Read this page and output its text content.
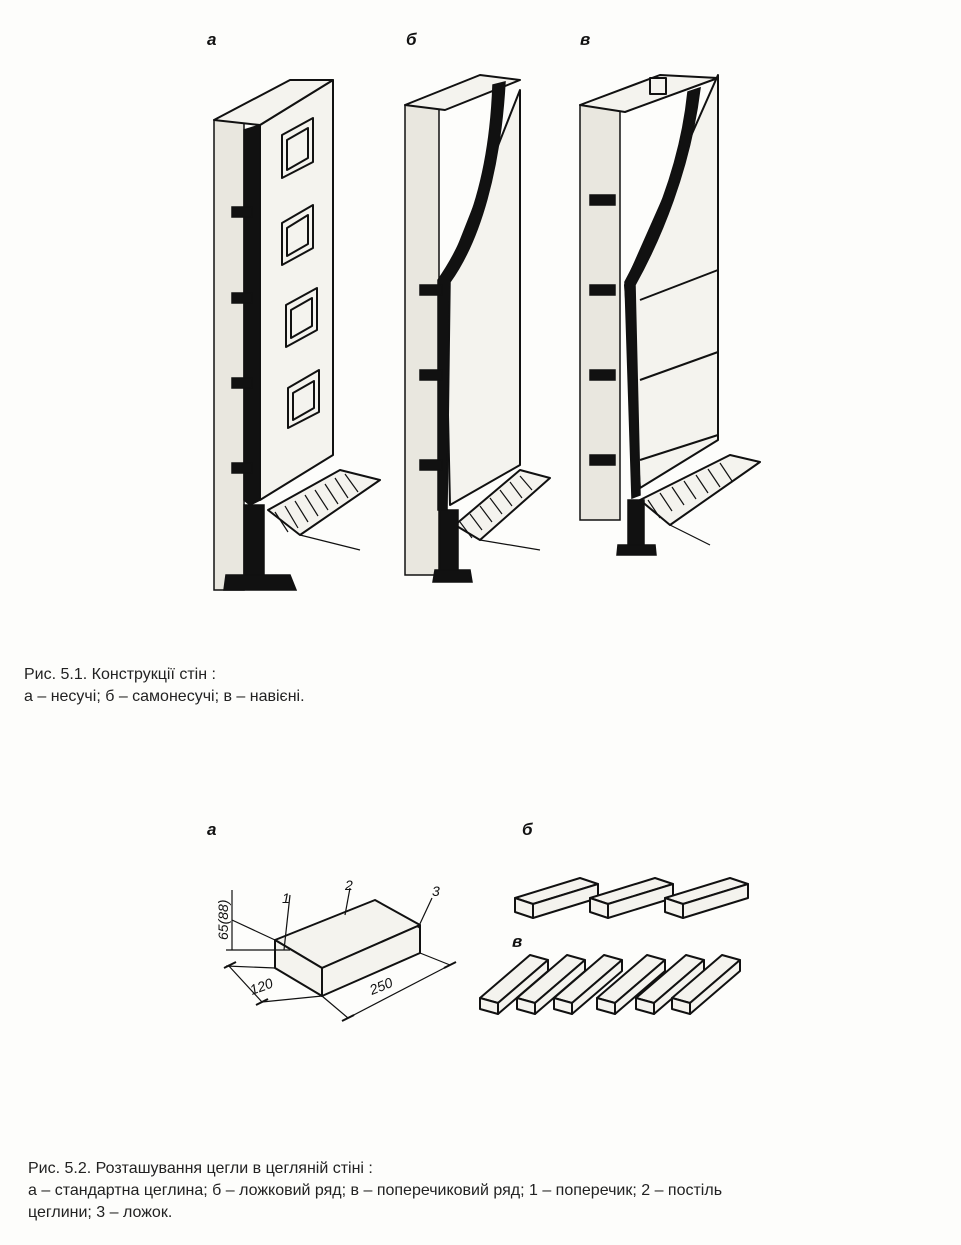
а	б	в
Рис. 5.1. Конструкції стін :
а – несучі; б – самонесучі; в – навієні.
а	б
в
65(88)
120	250
1
2	3
Рис. 5.2. Розташування цегли в цегляній стіні :
а – стандартна цеглина; б – ложковий ряд; в – поперечиковий ряд; 1 – поперечик; 2 – постіль
цеглини; 3 – ложок.
